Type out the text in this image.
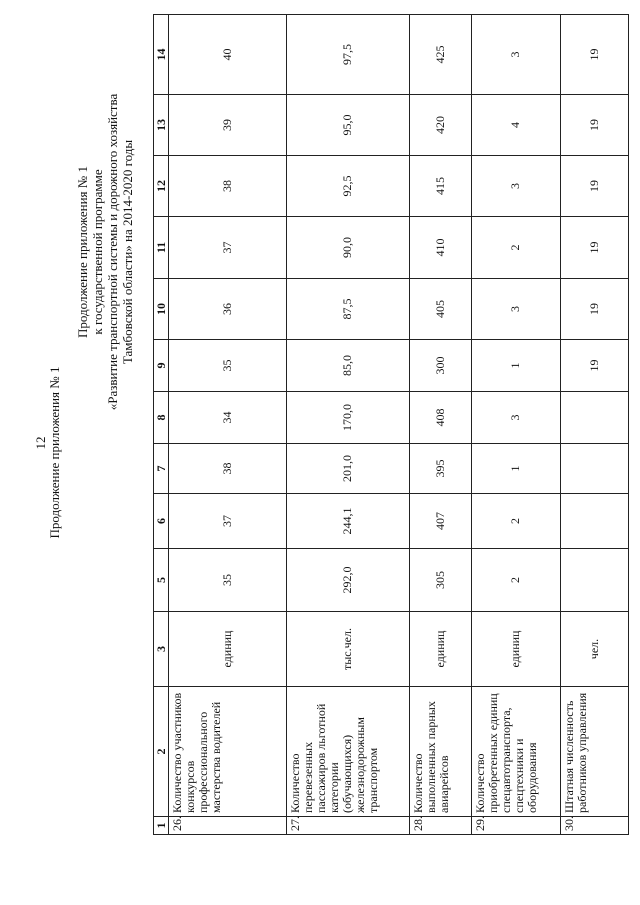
12 Продолжение приложения № 1
Продолжение приложения № 1 к государственной программе «Развитие транспортной системы и дорожного хозяйства Тамбовской области» на 2014-2020 годы
1	2	3	5	6	7	8	9	10	11	12	13	14
26.	Количество участников конкурсов профессионального мастерства водителей	единиц	35	37	38	34	35	36	37	38	39	40
27.	Количество перевезенных пассажиров льготной категории (обучающихся) железнодорожным транспортом	тыс.чел.	292,0	244,1	201,0	170,0	85,0	87,5	90,0	92,5	95,0	97,5
28.	Количество выполненных парных авиарейсов	единиц	305	407	395	408	300	405	410	415	420	425
29.	Количество приобретенных единиц спецавтотранспорта, спецтехники и оборудования	единиц	2	2	1	3	1	3	2	3	4	3
30.	Штатная численность работников управления	чел.					19	19	19	19	19	19
